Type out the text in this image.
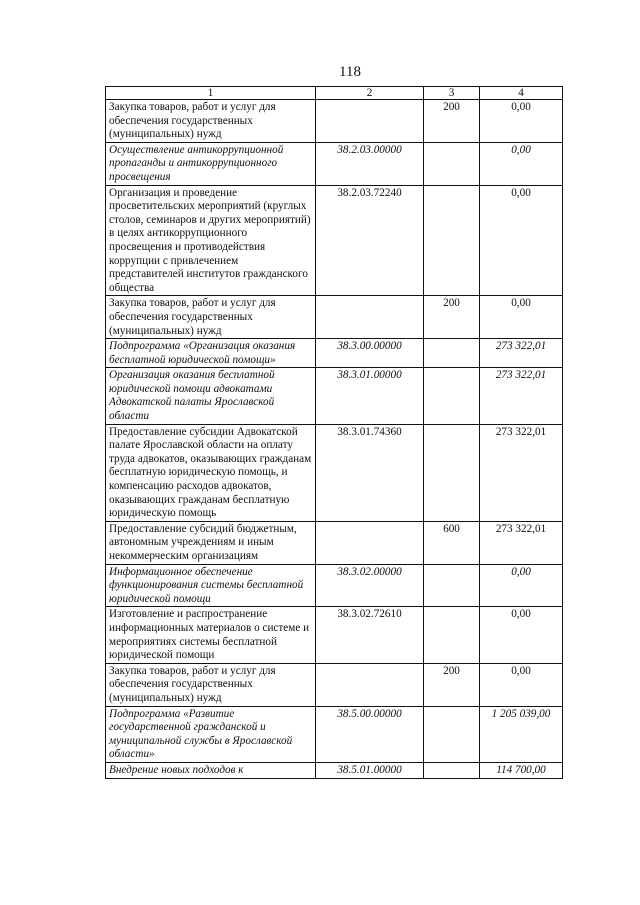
118
1	2	3	4
Закупка товаров, работ и услуг для обеспечения государственных (муниципальных) нужд		200	0,00
Осуществление антикоррупционной пропаганды и антикоррупционного просвещения	38.2.03.00000		0,00
Организация и проведение просветительских мероприятий (круглых столов, семинаров и других мероприятий) в целях антикоррупционного просвещения и противодействия коррупции с привлечением представителей институтов гражданского общества	38.2.03.72240		0,00
Закупка товаров, работ и услуг для обеспечения государственных (муниципальных) нужд		200	0,00
Подпрограмма «Организация оказания бесплатной юридической помощи»	38.3.00.00000		273 322,01
Организация оказания бесплатной юридической помощи адвокатами Адвокатской палаты Ярославской области	38.3.01.00000		273 322,01
Предоставление субсидии Адвокатской палате Ярославской области на оплату труда адвокатов, оказывающих гражданам бесплатную юридическую помощь, и компенсацию расходов адвокатов, оказывающих гражданам бесплатную юридическую помощь	38.3.01.74360		273 322,01
Предоставление субсидий бюджетным, автономным учреждениям и иным некоммерческим организациям		600	273 322,01
Информационное обеспечение функционирования системы бесплатной юридической помощи	38.3.02.00000		0,00
Изготовление и распространение информационных материалов о системе и мероприятиях системы бесплатной юридической помощи	38.3.02.72610		0,00
Закупка товаров, работ и услуг для обеспечения государственных (муниципальных) нужд		200	0,00
Подпрограмма «Развитие государственной гражданской и муниципальной службы в Ярославской области»	38.5.00.00000		1 205 039,00
Внедрение новых подходов к	38.5.01.00000		114 700,00
